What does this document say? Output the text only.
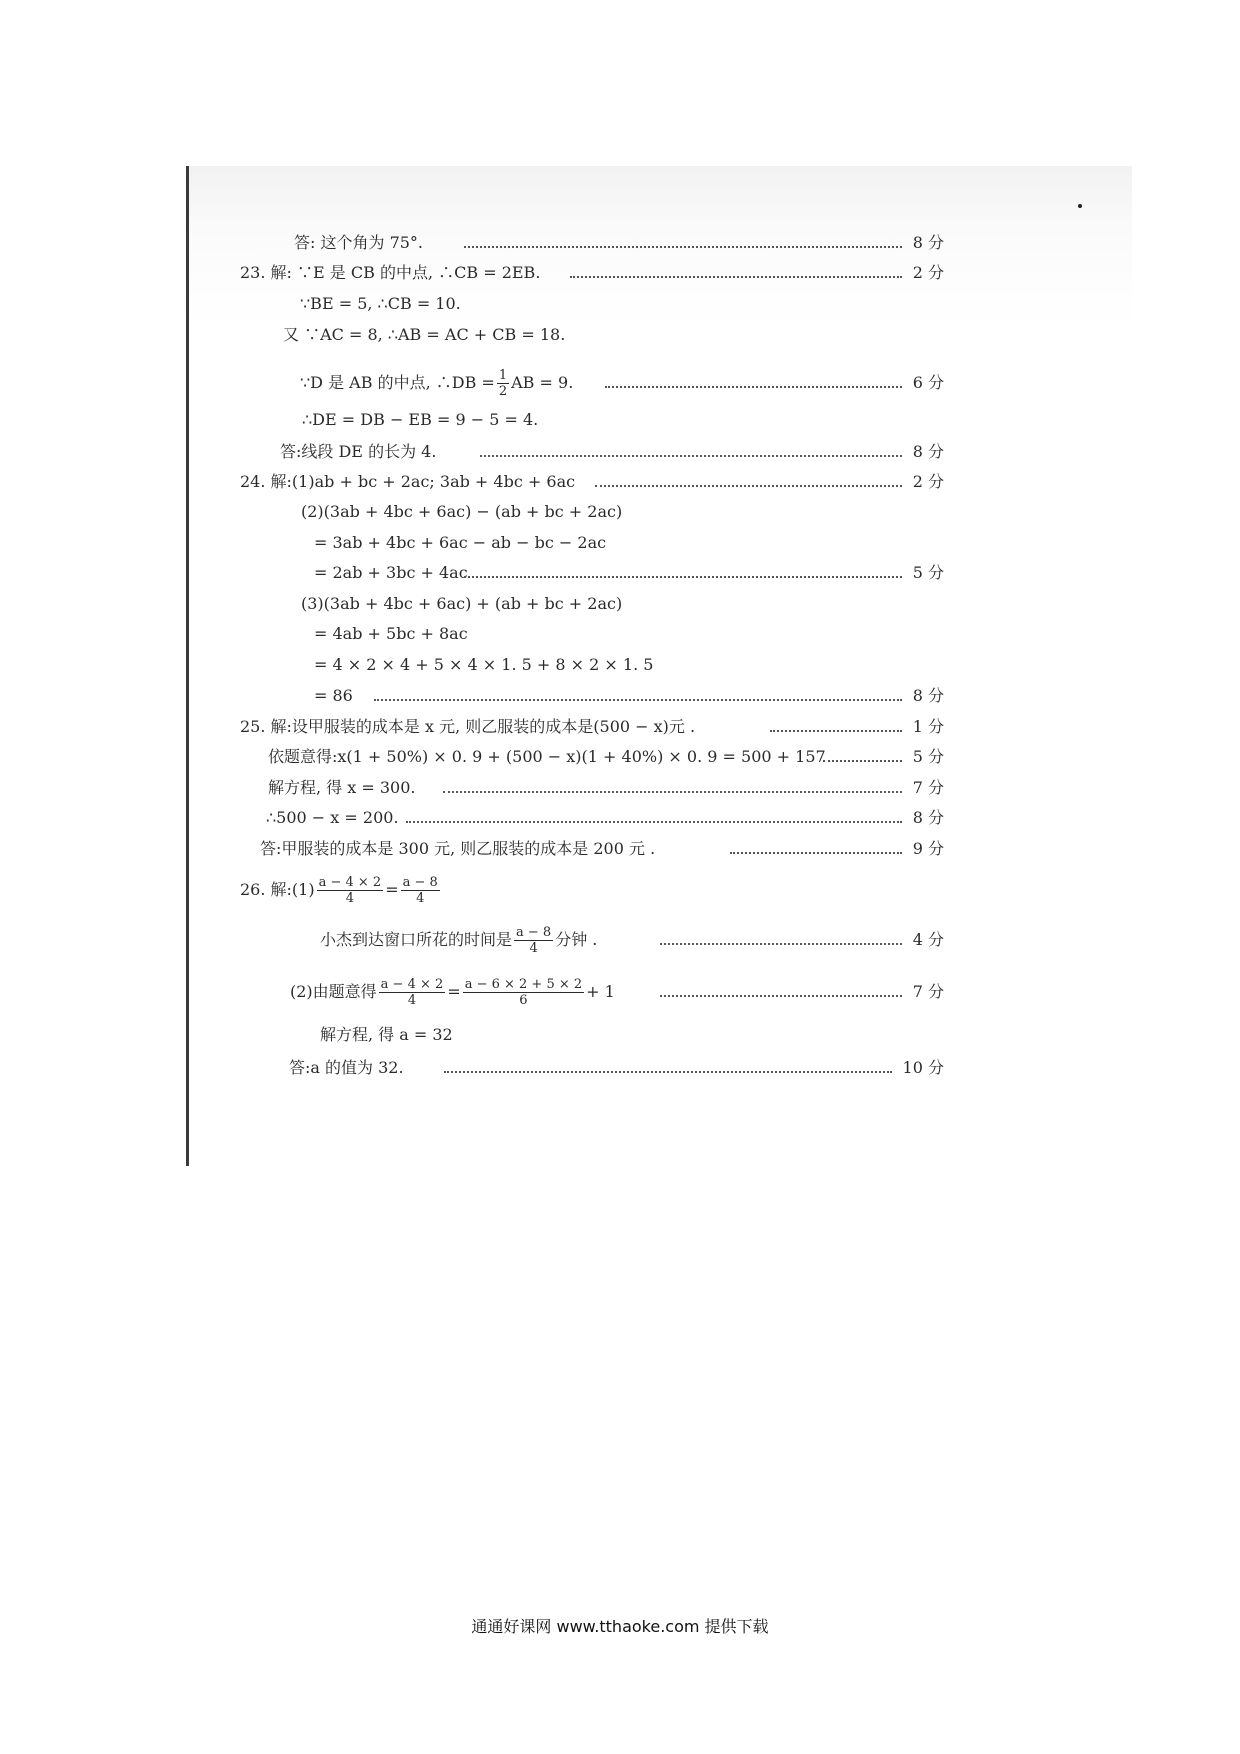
答: 这个角为 75°.	8 分
23. 解: ∵E 是 CB 的中点, ∴CB = 2EB.	2 分
∵BE = 5, ∴CB = 10.
又 ∵AC = 8, ∴AB = AC + CB = 18.
∵D 是 AB 的中点, ∴DB = $\frac{1}{2}$ AB = 9.	6 分
∴DE = DB − EB = 9 − 5 = 4.
答:线段 DE 的长为 4.	8 分
24. 解:(1)ab + bc + 2ac; 3ab + 4bc + 6ac	2 分
(2)(3ab + 4bc + 6ac) − (ab + bc + 2ac)
= 3ab + 4bc + 6ac − ab − bc − 2ac
= 2ab + 3bc + 4ac	5 分
(3)(3ab + 4bc + 6ac) + (ab + bc + 2ac)
= 4ab + 5bc + 8ac
= 4 × 2 × 4 + 5 × 4 × 1. 5 + 8 × 2 × 1. 5
= 86	8 分
25. 解:设甲服装的成本是 x 元, 则乙服装的成本是(500 − x)元 .	1 分
依题意得:x(1 + 50%) × 0. 9 + (500 − x)(1 + 40%) × 0. 9 = 500 + 157	5 分
解方程, 得 x = 300.	7 分
∴500 − x = 200.	8 分
答:甲服装的成本是 300 元, 则乙服装的成本是 200 元 .	9 分
26. 解:(1) $\frac{a - 4 \times 2}{4} = \frac{a - 8}{4}$
小杰到达窗口所花的时间是 $\frac{a - 8}{4}$ 分钟 .	4 分
(2)由题意得 $\frac{a - 4 \times 2}{4} = \frac{a - 6 \times 2 + 5 \times 2}{6} + 1$	7 分
解方程, 得 a = 32
答:a 的值为 32.	10 分
通通好课网 www.tthaoke.com 提供下载
